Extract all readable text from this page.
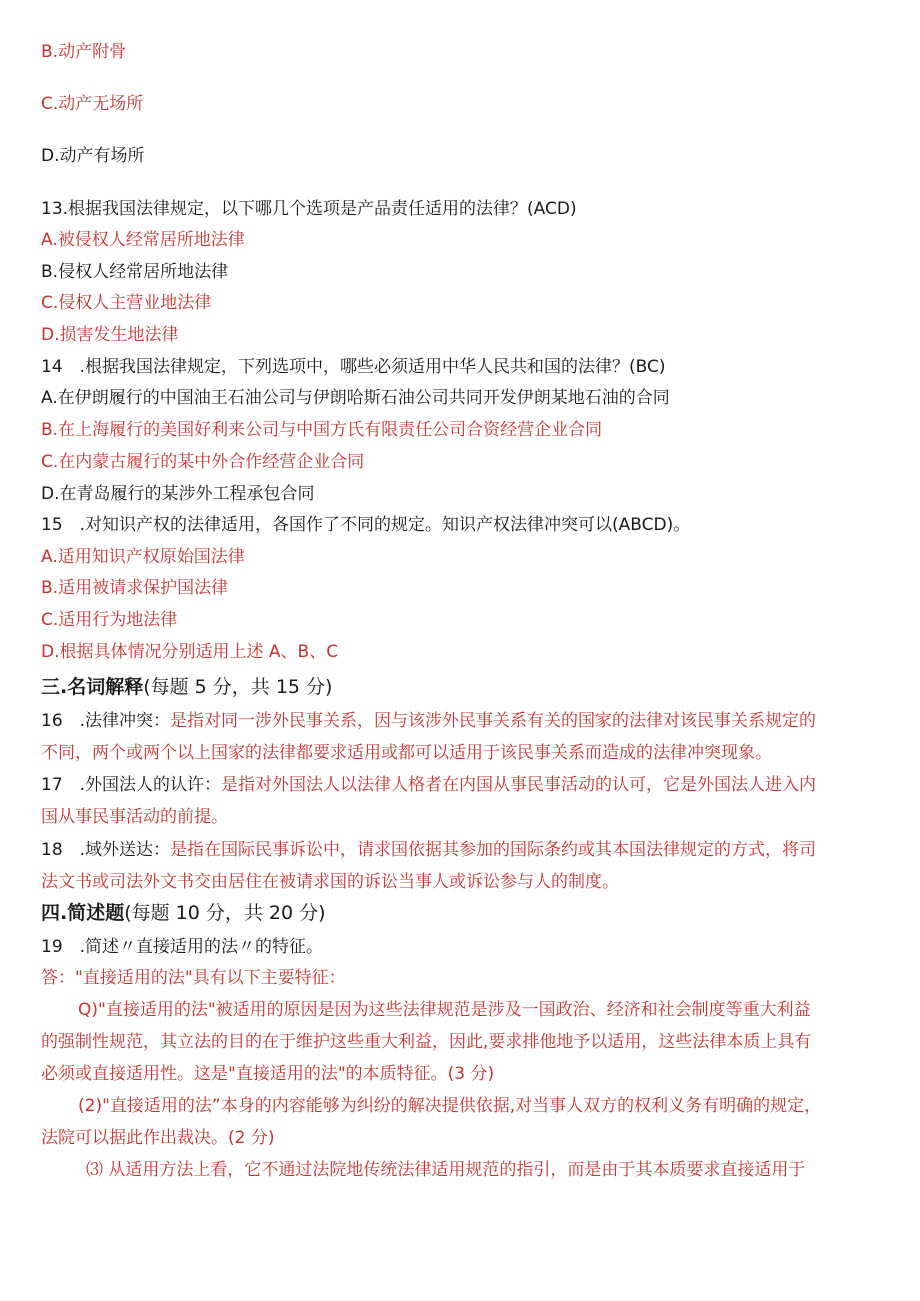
B.动产附骨
C.动产无场所
D.动产有场所
13.根据我国法律规定，以下哪几个选项是产品责任适用的法律？(ACD)
A.被侵权人经常居所地法律
B.侵权人经常居所地法律
C.侵权人主营业地法律
D.损害发生地法律
14　.根据我国法律规定，下列选项中，哪些必须适用中华人民共和国的法律？(BC)
A.在伊朗履行的中国油王石油公司与伊朗哈斯石油公司共同开发伊朗某地石油的合同
B.在上海履行的美国好利来公司与中国方氏有限责任公司合资经营企业合同
C.在内蒙古履行的某中外合作经营企业合同
D.在青岛履行的某涉外工程承包合同
15　.对知识产权的法律适用，各国作了不同的规定。知识产权法律冲突可以(ABCD)。
A.适用知识产权原始国法律
B.适用被请求保护国法律
C.适用行为地法律
D.根据具体情况分别适用上述 A、B、C
三.名词解释(每题 5 分，共 15 分)
16　.法律冲突：是指对同一涉外民事关系，因与该涉外民事关系有关的国家的法律对该民事关系规定的
不同，两个或两个以上国家的法律都要求适用或都可以适用于该民事关系而造成的法律冲突现象。
17　.外国法人的认许：是指对外国法人以法律人格者在内国从事民事活动的认可，它是外国法人进入内
国从事民事活动的前提。
18　.域外送达：是指在国际民事诉讼中，请求国依据其参加的国际条约或其本国法律规定的方式，将司
法文书或司法外文书交由居住在被请求国的诉讼当事人或诉讼参与人的制度。
四.简述题(每题 10 分，共 20 分)
19　.简述〃直接适用的法〃的特征。
答："直接适用的法"具有以下主要特征：
Q)"直接适用的法"被适用的原因是因为这些法律规范是涉及一国政治、经济和社会制度等重大利益
的强制性规范，其立法的目的在于维护这些重大利益，因此,要求排他地予以适用，这些法律本质上具有
必须或直接适用性。这是"直接适用的法"的本质特征。(3 分)
(2)"直接适用的法”本身的内容能够为纠纷的解决提供依据,对当事人双方的权利义务有明确的规定，
法院可以据此作出裁决。(2 分)
⑶ 从适用方法上看，它不通过法院地传统法律适用规范的指引，而是由于其本质要求直接适用于
